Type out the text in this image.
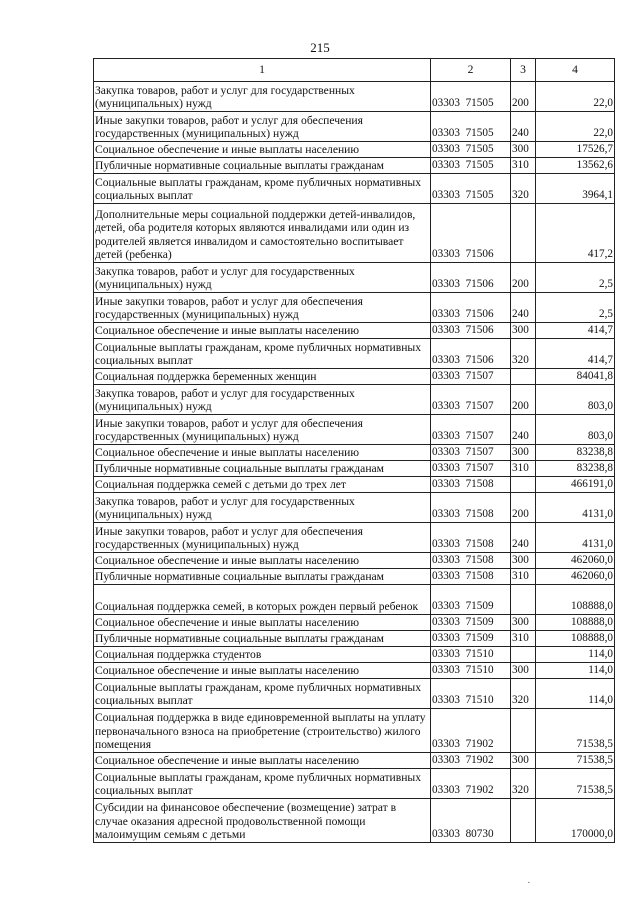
215
1	2	3	4
Закупка товаров, работ и услуг для государственных (муниципальных) нужд	03303  71505	200	22,0
Иные закупки товаров, работ и услуг для обеспечения государственных (муниципальных) нужд	03303  71505	240	22,0
Социальное обеспечение и иные выплаты населению	03303  71505	300	17526,7
Публичные нормативные социальные выплаты гражданам	03303  71505	310	13562,6
Социальные выплаты гражданам, кроме публичных нормативных социальных выплат	03303  71505	320	3964,1
Дополнительные меры социальной поддержки детей-инвалидов, детей, оба родителя которых являются инвалидами или один из родителей является инвалидом и самостоятельно воспитывает детей (ребенка)	03303  71506		417,2
Закупка товаров, работ и услуг для государственных (муниципальных) нужд	03303  71506	200	2,5
Иные закупки товаров, работ и услуг для обеспечения государственных (муниципальных) нужд	03303  71506	240	2,5
Социальное обеспечение и иные выплаты населению	03303  71506	300	414,7
Социальные выплаты гражданам, кроме публичных нормативных социальных выплат	03303  71506	320	414,7
Социальная поддержка беременных женщин	03303  71507		84041,8
Закупка товаров, работ и услуг для государственных (муниципальных) нужд	03303  71507	200	803,0
Иные закупки товаров, работ и услуг для обеспечения государственных (муниципальных) нужд	03303  71507	240	803,0
Социальное обеспечение и иные выплаты населению	03303  71507	300	83238,8
Публичные нормативные социальные выплаты гражданам	03303  71507	310	83238,8
Социальная поддержка семей с детьми до трех лет	03303  71508		466191,0
Закупка товаров, работ и услуг для государственных (муниципальных) нужд	03303  71508	200	4131,0
Иные закупки товаров, работ и услуг для обеспечения государственных (муниципальных) нужд	03303  71508	240	4131,0
Социальное обеспечение и иные выплаты населению	03303  71508	300	462060,0
Публичные нормативные социальные выплаты гражданам	03303  71508	310	462060,0
Социальная поддержка семей, в которых рожден первый ребенок	03303  71509		108888,0
Социальное обеспечение и иные выплаты населению	03303  71509	300	108888,0
Публичные нормативные социальные выплаты гражданам	03303  71509	310	108888,0
Социальная поддержка студентов	03303  71510		114,0
Социальное обеспечение и иные выплаты населению	03303  71510	300	114,0
Социальные выплаты гражданам, кроме публичных нормативных социальных выплат	03303  71510	320	114,0
Социальная поддержка в виде единовременной выплаты на уплату первоначального взноса на приобретение (строительство) жилого помещения	03303  71902		71538,5
Социальное обеспечение и иные выплаты населению	03303  71902	300	71538,5
Социальные выплаты гражданам, кроме публичных нормативных социальных выплат	03303  71902	320	71538,5
Субсидии на финансовое обеспечение (возмещение) затрат в случае оказания адресной продовольственной помощи малоимущим семьям с детьми	03303  80730		170000,0
·
